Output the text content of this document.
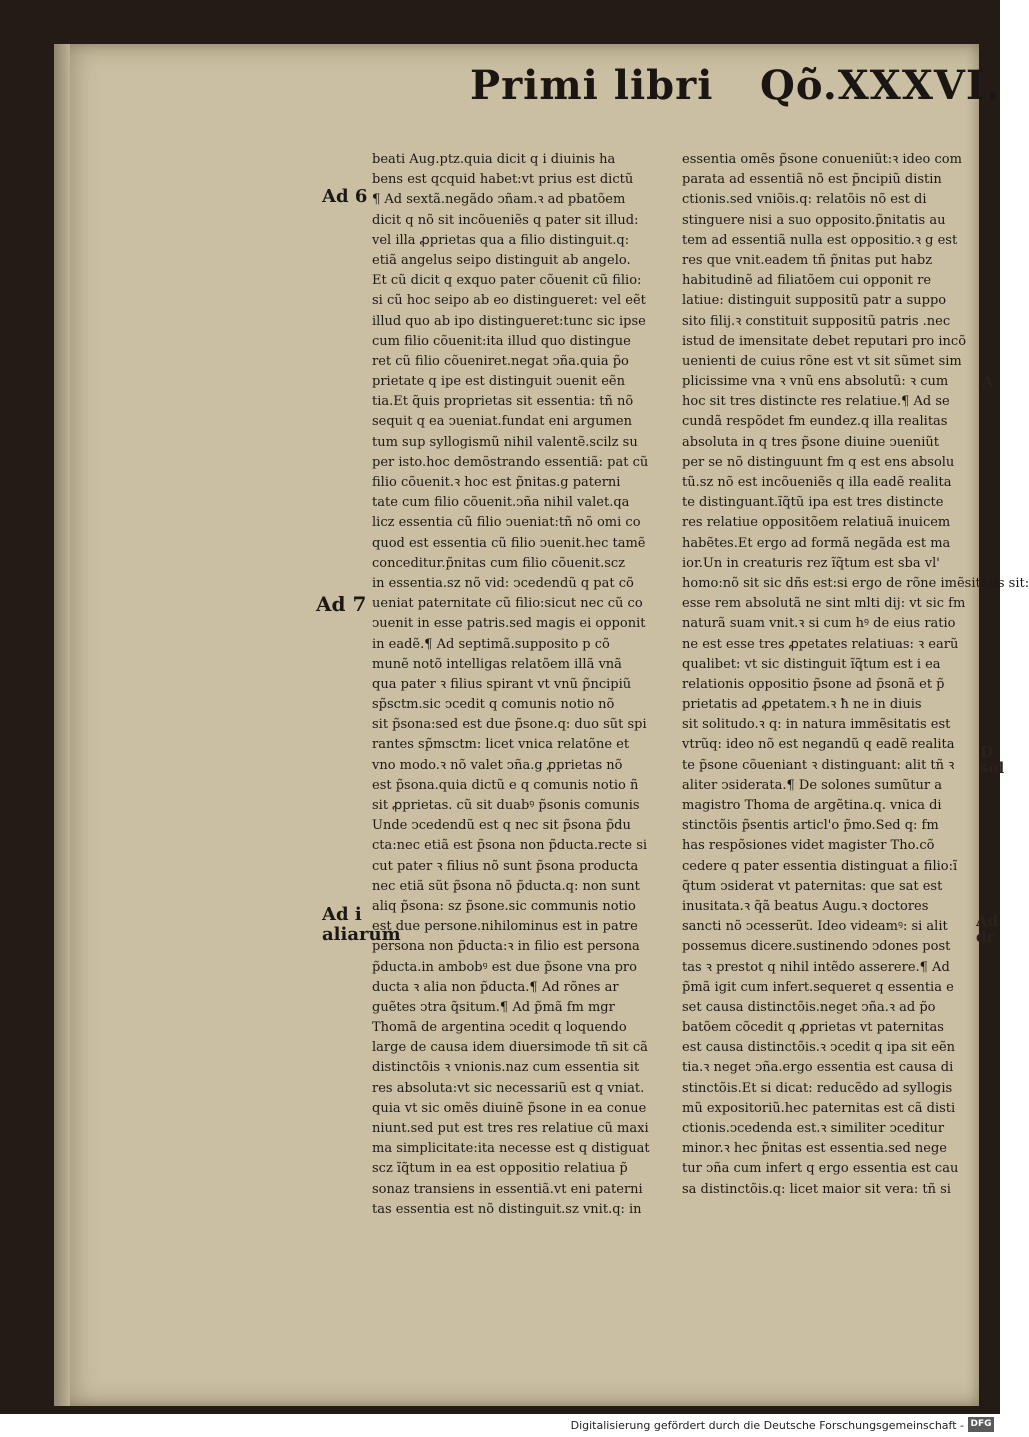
Primi libri Qõ.XXXVI.
Ad 6
Ad 7
Ad i
aliarum
A
D
sol
Ad
dr
beati Aug.ptz.quia dicit q i diuinis ha
bens est qcquid habet:vt prius est dictũ
¶ Ad sextã.negãdo ↄñam.ꝛ ad pbatõem
dicit q nõ sit incõueniẽs q pater sit illud:
vel illa ꝓprietas qua a filio distinguit.q:
etiã angelus seipo distinguit ab angelo.
Et cũ dicit q exquo pater cõuenit cũ filio:
si cũ hoc seipo ab eo distingueret: vel eẽt
illud quo ab ipo distingueret:tunc sic ipse
cum filio cõuenit:ita illud quo distingue
ret cũ filio cõueniret.negat ↄña.quia p̃o
prietate q ipe est distinguit ↄuenit eẽn
tia.Et q̃uis proprietas sit essentia: tñ nõ
sequit q ea ↄueniat.fundat eni argumen
tum sup syllogismũ nihil valentẽ.scilz su
per isto.hoc demõstrando essentiã: pat cũ
filio cõuenit.ꝛ hoc est p̃nitas.g paterni
tate cum filio cõuenit.ↄña nihil valet.qa
licz essentia cũ filio ↄueniat:tñ nõ omi co
quod est essentia cũ filio ↄuenit.hec tamẽ
conceditur.p̃nitas cum filio cõuenit.scz
in essentia.sz nõ vid: ↄcedendũ q pat cõ
ueniat paternitate cũ filio:sicut nec cũ co
ↄuenit in esse patris.sed magis ei opponit
in eadẽ.¶ Ad septimã.supposito p cõ
munẽ notõ intelligas relatõem illã vnã
qua pater ꝛ filius spirant vt vnũ p̃ncipiũ
sp̃sctm.sic ↄcedit q comunis notio nõ
sit p̃sona:sed est due p̃sone.q: duo sũt spi
rantes sp̃msctm: licet vnica relatõne et
vno modo.ꝛ nõ valet ↄña.g ꝓprietas nõ
est p̃sona.quia dictũ e q comunis notio ñ
sit ꝓprietas. cũ sit duabꝰ p̃sonis comunis
Unde ↄcedendũ est q nec sit p̃sona p̃du
cta:nec etiã est p̃sona non p̃ducta.recte si
cut pater ꝛ filius nõ sunt p̃sona producta
nec etiã sũt p̃sona nõ p̃ducta.q: non sunt
aliq p̃sona: sz p̃sone.sic communis notio
est due persone.nihilominus est in patre
persona non p̃ducta:ꝛ in filio est persona
p̃ducta.in ambobꝰ est due p̃sone vna pro
ducta ꝛ alia non p̃ducta.¶ Ad rõnes ar
guẽtes ↄtra q̃situm.¶ Ad p̃mã fm mgr
Thomã de argentina ↄcedit q loquendo
large de causa idem diuersimode tñ sit cã
distinctõis ꝛ vnionis.naz cum essentia sit
res absoluta:vt sic necessariũ est q vniat.
quia vt sic omẽs diuinẽ p̃sone in ea conue
niunt.sed put est tres res relatiue cũ maxi
ma simplicitate:ita necesse est q distiguat
scz ĩq̃tum in ea est oppositio relatiua p̃
sonaz transiens in essentiã.vt eni paterni
tas essentia est nõ distinguit.sz vnit.q: in
essentia omẽs p̃sone conueniũt:ꝛ ideo com
parata ad essentiã nõ est p̃ncipiũ distin
ctionis.sed vniõis.q: relatõis nõ est di
stinguere nisi a suo opposito.p̃nitatis au
tem ad essentiã nulla est oppositio.ꝛ g est
res que vnit.eadem tñ p̃nitas put habz
habitudinẽ ad filiatõem cui opponit re
latiue: distinguit suppositũ patr a suppo
sito filij.ꝛ constituit suppositũ patris .nec
istud de imensitate debet reputari pro incõ
uenienti de cuius rõne est vt sit sũmet sim
plicissime vna ꝛ vnũ ens absolutũ: ꝛ cum
hoc sit tres distincte res relatiue.¶ Ad se
cundã respõdet fm eundez.q illa realitas
absoluta in q tres p̃sone diuine ↄueniũt
per se nõ distinguunt fm q est ens absolu
tũ.sz nõ est incõueniẽs q illa eadẽ realita
te distinguant.ĩq̃tũ ipa est tres distincte
res relatiue oppositõem relatiuã inuicem
habẽtes.Et ergo ad formã negãda est ma
ior.Un in creaturis rez ĩq̃tum est sba vl'
homo:nõ sit sic dñs est:si ergo de rõne imẽsitatis sit:
esse rem absolutã ne sint mlti dij: vt sic fm
naturã suam vnit.ꝛ si cum hꝰ de eius ratio
ne est esse tres ꝓpetates relatiuas: ꝛ earũ
qualibet: vt sic distinguit ĩq̃tum est i ea
relationis oppositio p̃sone ad p̃sonã et p̃
prietatis ad ꝓpetatem.ꝛ ħ ne in diuis
sit solitudo.ꝛ q: in natura immẽsitatis est
vtrũq: ideo nõ est negandũ q eadẽ realita
te p̃sone cõueniant ꝛ distinguant: alit tñ ꝛ
aliter ↄsiderata.¶ De solones sumũtur a
magistro Thoma de argẽtina.q. vnica di
stinctõis p̃sentis articl'o p̃mo.Sed q: fm
has respõsiones videt magister Tho.cõ
cedere q pater essentia distinguat a filio:ĩ
q̃tum ↄsiderat vt paternitas: que sat est
inusitata.ꝛ q̃ã beatus Augu.ꝛ doctores
sancti nõ ↄcesserũt. Ideo videamꝰ: si alit
possemus dicere.sustinendo ↄdones post
tas ꝛ prestot q nihil intẽdo asserere.¶ Ad
p̃mã igit cum infert.sequeret q essentia e
set causa distinctõis.neget ↄña.ꝛ ad p̃o
batõem cõcedit q ꝓprietas vt paternitas
est causa distinctõis.ꝛ ↄcedit q ipa sit eẽn
tia.ꝛ neget ↄña.ergo essentia est causa di
stinctõis.Et si dicat: reducẽdo ad syllogis
mũ expositoriũ.hec paternitas est cã disti
ctionis.ↄcedenda est.ꝛ similiter ↄceditur
minor.ꝛ hec p̃nitas est essentia.sed nege
tur ↄña cum infert q ergo essentia est cau
sa distinctõis.q: licet maior sit vera: tñ si
Digitalisierung gefördert durch die Deutsche Forschungsgemeinschaft - DFG
